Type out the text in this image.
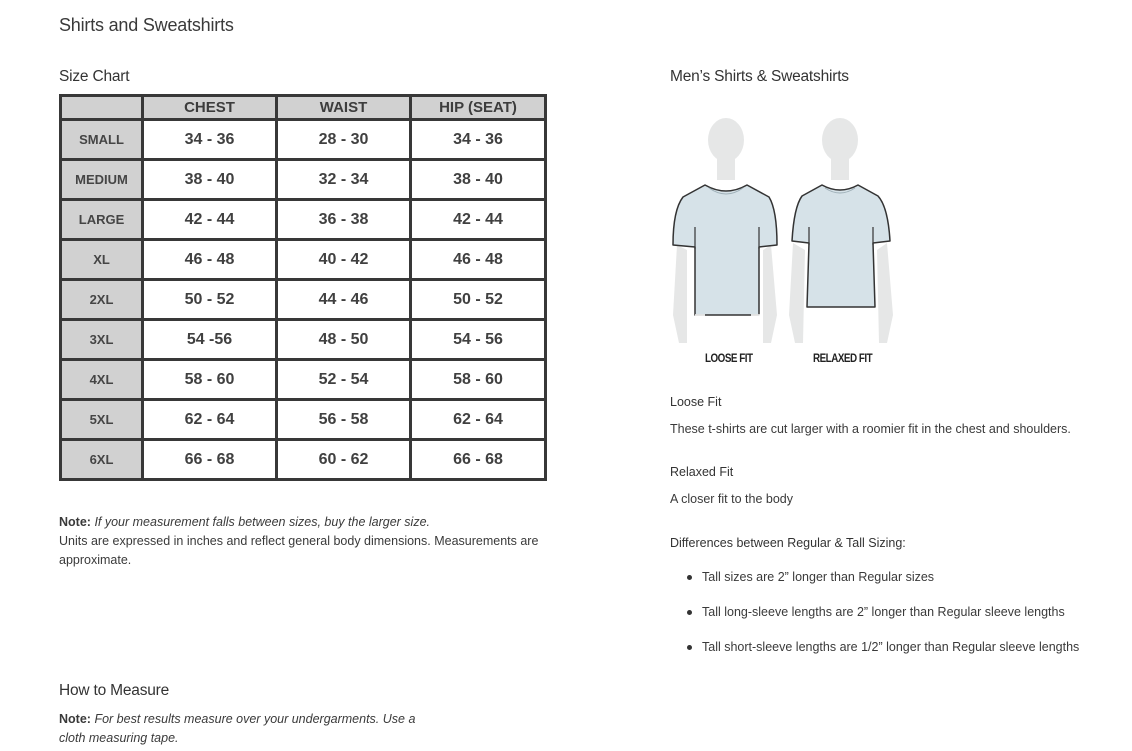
Shirts and Sweatshirts
Size Chart
	CHEST	WAIST	HIP (SEAT)
SMALL	34 - 36	28 - 30	34 - 36
MEDIUM	38 - 40	32 - 34	38 - 40
LARGE	42 - 44	36 - 38	42 - 44
XL	46 - 48	40 - 42	46 - 48
2XL	50 - 52	44 - 46	50 - 52
3XL	54 -56	48 - 50	54 - 56
4XL	58 - 60	52 - 54	58 - 60
5XL	62 - 64	56 - 58	62 - 64
6XL	66 - 68	60 - 62	66 - 68
Note: If your measurement falls between sizes, buy the larger size.
Units are expressed in inches and reflect general body dimensions. Measurements are approximate.
How to Measure
Note: For best results measure over your undergarments. Use a cloth measuring tape.
Men’s Shirts & Sweatshirts
LOOSE FIT	RELAXED FIT
Loose Fit
These t-shirts are cut larger with a roomier fit in the chest and shoulders.
Relaxed Fit
A closer fit to the body
Differences between Regular & Tall Sizing:
Tall sizes are 2” longer than Regular sizes
Tall long-sleeve lengths are 2” longer than Regular sleeve lengths
Tall short-sleeve lengths are 1/2” longer than Regular sleeve lengths
